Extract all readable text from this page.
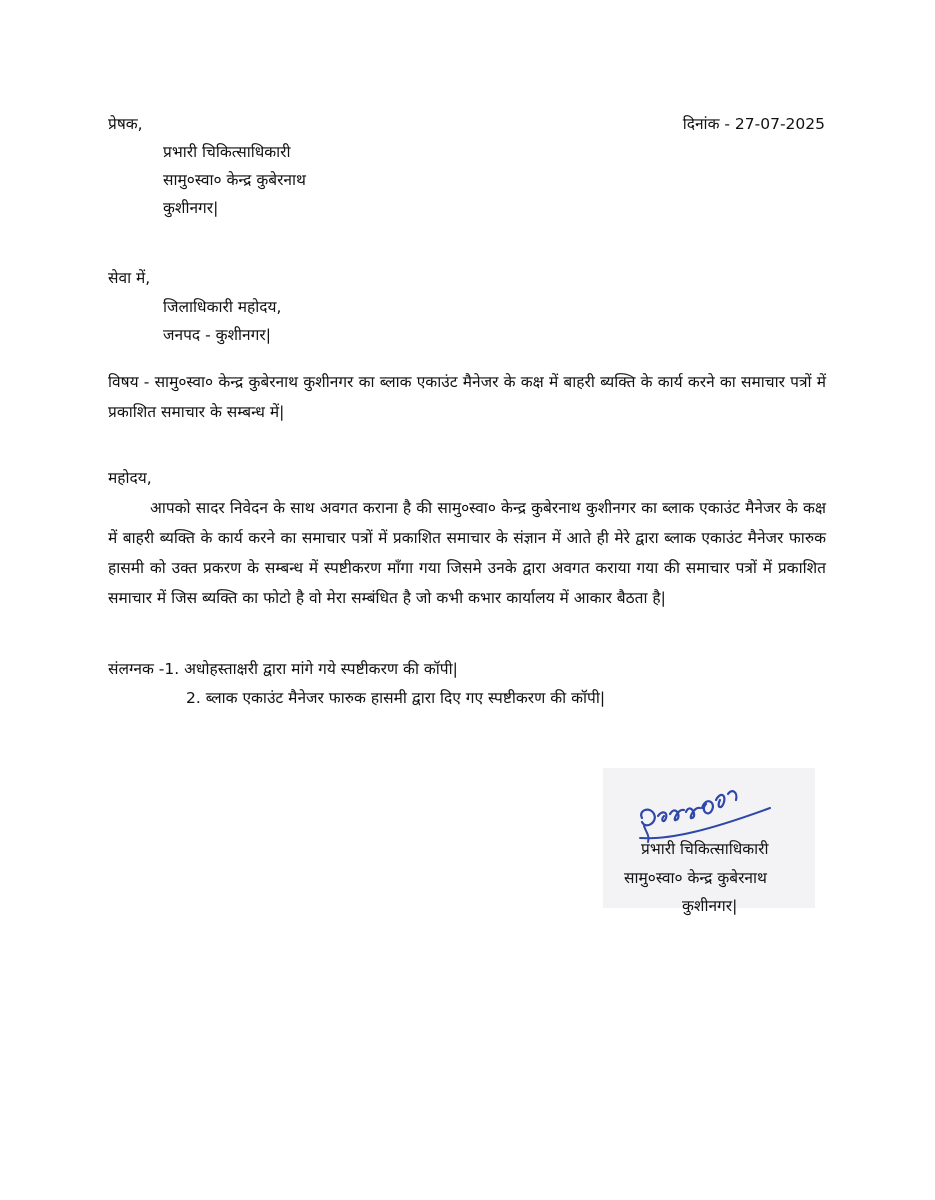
प्रेषक,
प्रभारी चिकित्साधिकारी
सामु०स्वा० केन्द्र कुबेरनाथ
कुशीनगर|
दिनांक - 27-07-2025
सेवा में,
जिलाधिकारी महोदय,
जनपद - कुशीनगर|
विषय - सामु०स्वा० केन्द्र कुबेरनाथ कुशीनगर का ब्लाक एकाउंट मैनेजर के कक्ष में बाहरी ब्यक्ति के कार्य करने का समाचार पत्रों में प्रकाशित समाचार के सम्बन्ध में|
महोदय,
आपको सादर निवेदन के साथ अवगत कराना है की सामु०स्वा० केन्द्र कुबेरनाथ कुशीनगर का ब्लाक एकाउंट मैनेजर के कक्ष में बाहरी ब्यक्ति के कार्य करने का समाचार पत्रों में प्रकाशित समाचार के संज्ञान में आते ही मेरे द्वारा ब्लाक एकाउंट मैनेजर फारुक हासमी को उक्त प्रकरण के सम्बन्ध में स्पष्टीकरण माँगा गया जिसमे उनके द्वारा अवगत कराया गया की समाचार पत्रों में प्रकाशित समाचार में जिस ब्यक्ति का फोटो है वो मेरा सम्बंधित है जो कभी कभार कार्यालय में आकार बैठता है|
संलग्नक -1. अधोहस्ताक्षरी द्वारा मांगे गये स्पष्टीकरण की कॉपी|
2. ब्लाक एकाउंट मैनेजर फारुक हासमी द्वारा दिए गए स्पष्टीकरण की कॉपी|
प्रभारी चिकित्साधिकारी
सामु०स्वा० केन्द्र कुबेरनाथ
कुशीनगर|
